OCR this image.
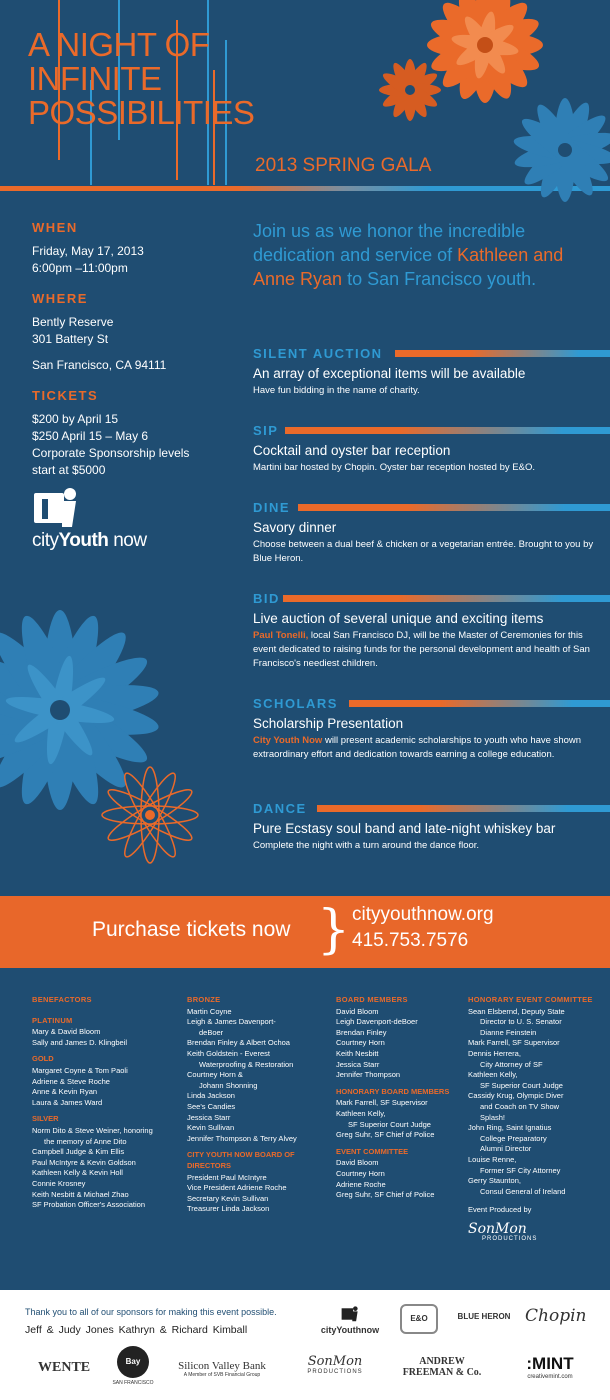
A NIGHT OF
INFINITE
POSSIBILITIES
2013 SPRING GALA
WHEN

Friday, May 17, 2013

6:00pm –11:00pm

WHERE

Bently Reserve

301 Battery St

San Francisco, CA 94111

TICKETS

$200 by April 15

$250 April 15 – May 6

Corporate Sponsorship levels

start at $5000

cityYouth now
Join us as we honor the incredible dedication and service of Kathleen and Anne Ryan to San Francisco youth.
SILENT AUCTION
An array of exceptional items will be available
Have fun bidding in the name of charity.
SIP
Cocktail and oyster bar reception
Martini bar hosted by Chopin. Oyster bar reception hosted by E&O.
DINE
Savory dinner
Choose between a dual beef & chicken or a vegetarian entrée. Brought to you by Blue Heron.
BID
Live auction of several unique and exciting items
Paul Tonelli, local San Francisco DJ, will be the Master of Ceremonies for this event dedicated to raising funds for the personal development and health of San Francisco's neediest children.
SCHOLARS
Scholarship Presentation
City Youth Now will present academic scholarships to youth who have shown extraordinary effort and dedication towards earning a college education.
DANCE
Pure Ecstasy soul band and late-night whiskey bar
Complete the night with a turn around the dance floor.
Purchase tickets now } cityyouthnow.org
415.753.7576
BENEFACTORS
PLATINUM
Mary & David Bloom
Sally and James D. Klingbeil
GOLD
Margaret Coyne & Tom Paoli
Adriene & Steve Roche
Anne & Kevin Ryan
Laura & James Ward
SILVER
Norm Dito & Steve Weiner, honoring
the memory of Anne Dito
Campbell Judge & Kim Ellis
Paul McIntyre & Kevin Goldson
Kathleen Kelly & Kevin Holl
Connie Krosney
Keith Nesbitt & Michael Zhao
SF Probation Officer's Association
BRONZE
Martin Coyne
Leigh & James Davenport-
deBoer
Brendan Finley & Albert Ochoa
Keith Goldstein - Everest
Waterproofing & Restoration
Courtney Horn &
Johann Shonning
Linda Jackson
See's Candies
Jessica Starr
Kevin Sullivan
Jennifer Thompson & Terry Alvey
CITY YOUTH NOW BOARD OF DIRECTORS
President Paul McIntyre
Vice President Adriene Roche
Secretary Kevin Sullivan
Treasurer Linda Jackson
BOARD MEMBERS
David Bloom
Leigh Davenport-deBoer
Brendan Finley
Courtney Horn
Keith Nesbitt
Jessica Starr
Jennifer Thompson
HONORARY BOARD MEMBERS
Mark Farrell, SF Supervisor
Kathleen Kelly,
SF Superior Court Judge
Greg Suhr, SF Chief of Police
EVENT COMMITTEE
David Bloom
Courtney Horn
Adriene Roche
Greg Suhr, SF Chief of Police
HONORARY EVENT COMMITTEE
Sean Elsbernd, Deputy State
Director to U. S. Senator
Dianne Feinstein
Mark Farrell, SF Supervisor
Dennis Herrera,
City Attorney of SF
Kathleen Kelly,
SF Superior Court Judge
Cassidy Krug, Olympic Diver
and Coach on TV Show
Splash!
John Ring, Saint Ignatius
College Preparatory
Alumni Director
Louise Renne,
Former SF City Attorney
Gerry Staunton,
Consul General of Ireland
Event Produced by
SonMon
PRODUCTIONS
Thank you to all of our sponsors for making this event possible.
Jeff & Judy Jones Kathryn & Richard Kimball	cityYouthnow
E&O	BLUE HERON Chopin
WENTE	Bay Club
SAN FRANCISCO
Silicon Valley Bank
A Member of SVB Financial Group
SonMon
PRODUCTIONS
ANDREW FREEMAN & Co.	:MINT
creativemint.com
